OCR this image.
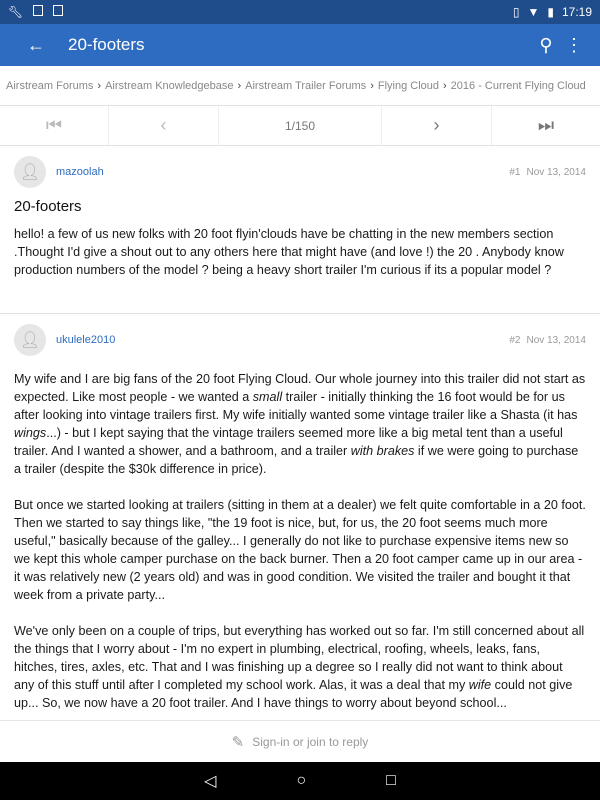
🔧︎	▯ ▼ ▮ 17:19
← 20-footers	⚲ ⋮
Airstream Forums › Airstream Knowledgebase › Airstream Trailer Forums › Flying Cloud › 2016 - Current Flying Cloud
⏮︎	‹	1/150	›	⏭︎
👤︎	mazoolah	#1 Nov 13, 2014
20-footers

hello! a few of us new folks with 20 foot flyin'clouds have be chatting in the new members section .Thought I'd give a shout out to any others here that might have (and love !) the 20 . Anybody know production numbers of the model ? being a heavy short trailer I'm curious if its a popular model ?

👤︎	ukulele2010	#2 Nov 13, 2014

My wife and I are big fans of the 20 foot Flying Cloud. Our whole journey into this trailer did not start as expected. Like most people - we wanted a small trailer - initially thinking the 16 foot would be for us after looking into vintage trailers first. My wife initially wanted some vintage trailer like a Shasta (it has wings...) - but I kept saying that the vintage trailers seemed more like a big metal tent than a useful trailer. And I wanted a shower, and a bathroom, and a trailer with brakes if we were going to purchase a trailer (despite the $30k difference in price).

But once we started looking at trailers (sitting in them at a dealer) we felt quite comfortable in a 20 foot. Then we started to say things like, "the 19 foot is nice, but, for us, the 20 foot seems much more useful," basically because of the galley... I generally do not like to purchase expensive items new so we kept this whole camper purchase on the back burner. Then a 20 foot camper came up in our area - it was relatively new (2 years old) and was in good condition. We visited the trailer and bought it that week from a private party...

We've only been on a couple of trips, but everything has worked out so far. I'm still concerned about all the things that I worry about - I'm no expert in plumbing, electrical, roofing, wheels, leaks, fans, hitches, tires, axles, etc. That and I was finishing up a degree so I really did not want to think about any of this stuff until after I completed my school work. Alas, it was a deal that my wife could not give up... So, we now have a 20 foot trailer. And I have things to worry about beyond school...

✎ Sign-in or join to reply
◁	○	□
